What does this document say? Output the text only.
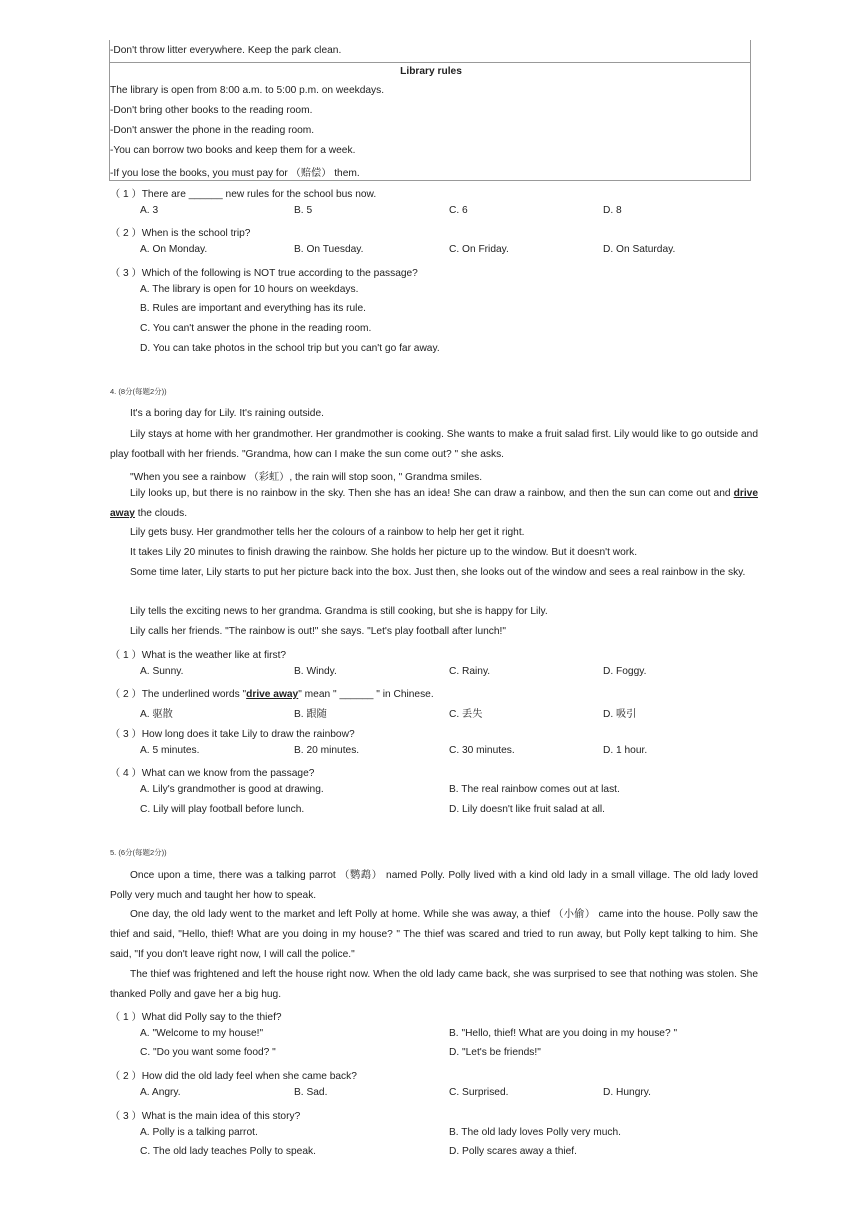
-Don't throw litter everywhere. Keep the park clean.
Library rules
The library is open from 8:00 a.m. to 5:00 p.m. on weekdays.
-Don't bring other books to the reading room.
-Don't answer the phone in the reading room.
-You can borrow two books and keep them for a week.
-If you lose the books, you must pay for （赔偿） them.
（ 1 ）There are ______ new rules for the school bus now.
A. 3	B. 5	C. 6	D. 8
（ 2 ）When is the school trip?
A. On Monday.	B. On Tuesday.	C. On Friday.	D. On Saturday.
（ 3 ）Which of the following is NOT true according to the passage?
A. The library is open for 10 hours on weekdays.
B. Rules are important and everything has its rule.
C. You can't answer the phone in the reading room.
D. You can take photos in the school trip but you can't go far away.
4. (8分(每题2分))
It's a boring day for Lily. It's raining outside.
Lily stays at home with her grandmother. Her grandmother is cooking. She wants to make a fruit salad first. Lily would like to go outside and play football with her friends. "Grandma, how can I make the sun come out? " she asks.
"When you see a rainbow （彩虹）, the rain will stop soon, " Grandma smiles.
Lily looks up, but there is no rainbow in the sky. Then she has an idea! She can draw a rainbow, and then the sun can come out and drive away the clouds.
Lily gets busy. Her grandmother tells her the colours of a rainbow to help her get it right.
It takes Lily 20 minutes to finish drawing the rainbow. She holds her picture up to the window. But it doesn't work.
Some time later, Lily starts to put her picture back into the box. Just then, she looks out of the window and sees a real rainbow in the sky.
Lily tells the exciting news to her grandma. Grandma is still cooking, but she is happy for Lily.
Lily calls her friends. "The rainbow is out!" she says. "Let's play football after lunch!"
（ 1 ）What is the weather like at first?
A. Sunny.	B. Windy.	C. Rainy.	D. Foggy.
（ 2 ）The underlined words "drive away" mean " ______ " in Chinese.
A. 驱散	B. 跟随	C. 丢失	D. 吸引
（ 3 ）How long does it take Lily to draw the rainbow?
A. 5 minutes.	B. 20 minutes.	C. 30 minutes.	D. 1 hour.
（ 4 ）What can we know from the passage?
A. Lily's grandmother is good at drawing.	B. The real rainbow comes out at last.
C. Lily will play football before lunch.	D. Lily doesn't like fruit salad at all.
5. (6分(每题2分))
Once upon a time, there was a talking parrot （鹦鹉） named Polly. Polly lived with a kind old lady in a small village. The old lady loved Polly very much and taught her how to speak.
One day, the old lady went to the market and left Polly at home. While she was away, a thief （小偷） came into the house. Polly saw the thief and said, "Hello, thief! What are you doing in my house? " The thief was scared and tried to run away, but Polly kept talking to him. She said, "If you don't leave right now, I will call the police."
The thief was frightened and left the house right now. When the old lady came back, she was surprised to see that nothing was stolen. She thanked Polly and gave her a big hug.
（ 1 ）What did Polly say to the thief?
A. "Welcome to my house!"	B. "Hello, thief! What are you doing in my house? "
C. "Do you want some food? "	D. "Let's be friends!"
（ 2 ）How did the old lady feel when she came back?
A. Angry.	B. Sad.	C. Surprised.	D. Hungry.
（ 3 ）What is the main idea of this story?
A. Polly is a talking parrot.	B. The old lady loves Polly very much.
C. The old lady teaches Polly to speak.	D. Polly scares away a thief.
